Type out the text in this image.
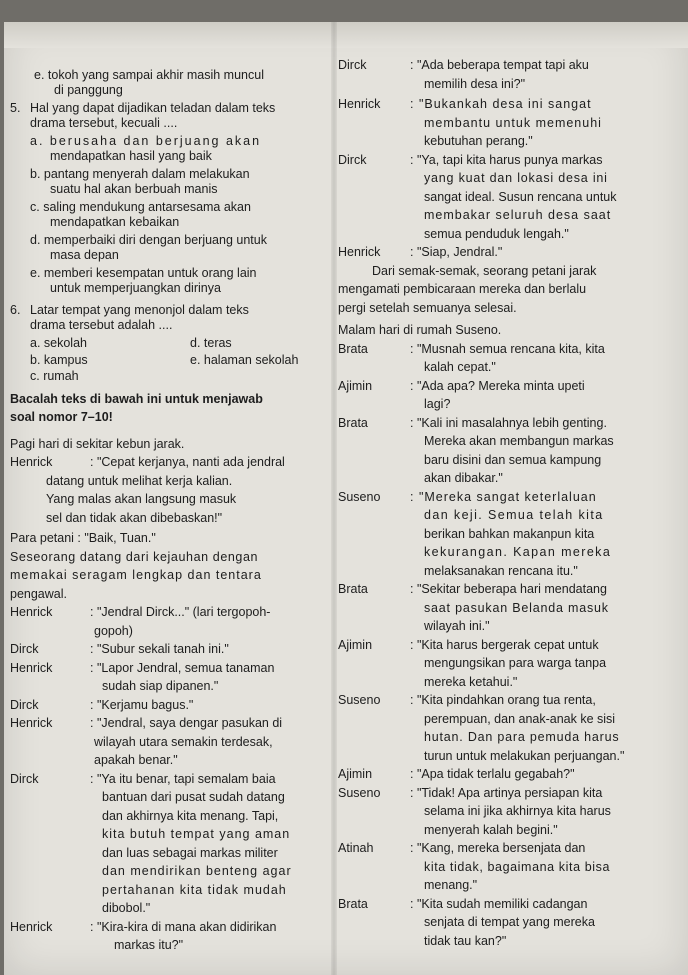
e. tokoh yang sampai akhir masih muncul
di panggung
5. Hal yang dapat dijadikan teladan dalam teks
drama tersebut, kecuali ....
a. berusaha dan berjuang akan
mendapatkan hasil yang baik
b. pantang menyerah dalam melakukan
suatu hal akan berbuah manis
c. saling mendukung antarsesama akan
mendapatkan kebaikan
d. memperbaiki diri dengan berjuang untuk
masa depan
e. memberi kesempatan untuk orang lain
untuk memperjuangkan dirinya
6. Latar tempat yang menonjol dalam teks
drama tersebut adalah ....
a. sekolah	d. teras
b. kampus	e. halaman sekolah
c. rumah
Bacalah teks di bawah ini untuk menjawab
soal nomor 7–10!
Pagi hari di sekitar kebun jarak.
Henrick	: "Cepat kerjanya, nanti ada jendral
datang untuk melihat kerja kalian.
Yang malas akan langsung masuk
sel dan tidak akan dibebaskan!"
Para petani : "Baik, Tuan."
Seseorang datang dari kejauhan dengan
memakai seragam lengkap dan tentara
pengawal.
Henrick	: "Jendral Dirck..." (lari tergopoh-
gopoh)
Dirck	: "Subur sekali tanah ini."
Henrick	: "Lapor Jendral, semua tanaman
sudah siap dipanen."
Dirck	: "Kerjamu bagus."
Henrick	: "Jendral, saya dengar pasukan di
wilayah utara semakin terdesak,
apakah benar."
Dirck	: "Ya itu benar, tapi semalam baia
bantuan dari pusat sudah datang
dan akhirnya kita menang. Tapi,
kita butuh tempat yang aman
dan luas sebagai markas militer
dan mendirikan benteng agar
pertahanan kita tidak mudah
dibobol."
Henrick	: "Kira-kira di mana akan didirikan
markas itu?"
Dirck	: "Ada beberapa tempat tapi aku
memilih desa ini?"
Henrick	: "Bukankah desa ini sangat
membantu untuk memenuhi
kebutuhan perang."
Dirck	: "Ya, tapi kita harus punya markas
yang kuat dan lokasi desa ini
sangat ideal. Susun rencana untuk
membakar seluruh desa saat
semua penduduk lengah."
Henrick	: "Siap, Jendral."
Dari semak-semak, seorang petani jarak
mengamati pembicaraan mereka dan berlalu
pergi setelah semuanya selesai.
Malam hari di rumah Suseno.
Brata	: "Musnah semua rencana kita, kita
kalah cepat."
Ajimin	: "Ada apa? Mereka minta upeti
lagi?
Brata	: "Kali ini masalahnya lebih genting.
Mereka akan membangun markas
baru disini dan semua kampung
akan dibakar."
Suseno	: "Mereka sangat keterlaluan
dan keji. Semua telah kita
berikan bahkan makanpun kita
kekurangan. Kapan mereka
melaksanakan rencana itu."
Brata	: "Sekitar beberapa hari mendatang
saat pasukan Belanda masuk
wilayah ini."
Ajimin	: "Kita harus bergerak cepat untuk
mengungsikan para warga tanpa
mereka ketahui."
Suseno	: "Kita pindahkan orang tua renta,
perempuan, dan anak-anak ke sisi
hutan. Dan para pemuda harus
turun untuk melakukan perjuangan."
Ajimin	: "Apa tidak terlalu gegabah?"
Suseno	: "Tidak! Apa artinya persiapan kita
selama ini jika akhirnya kita harus
menyerah kalah begini."
Atinah	: "Kang, mereka bersenjata dan
kita tidak, bagaimana kita bisa
menang."
Brata	: "Kita sudah memiliki cadangan
senjata di tempat yang mereka
tidak tau kan?"
